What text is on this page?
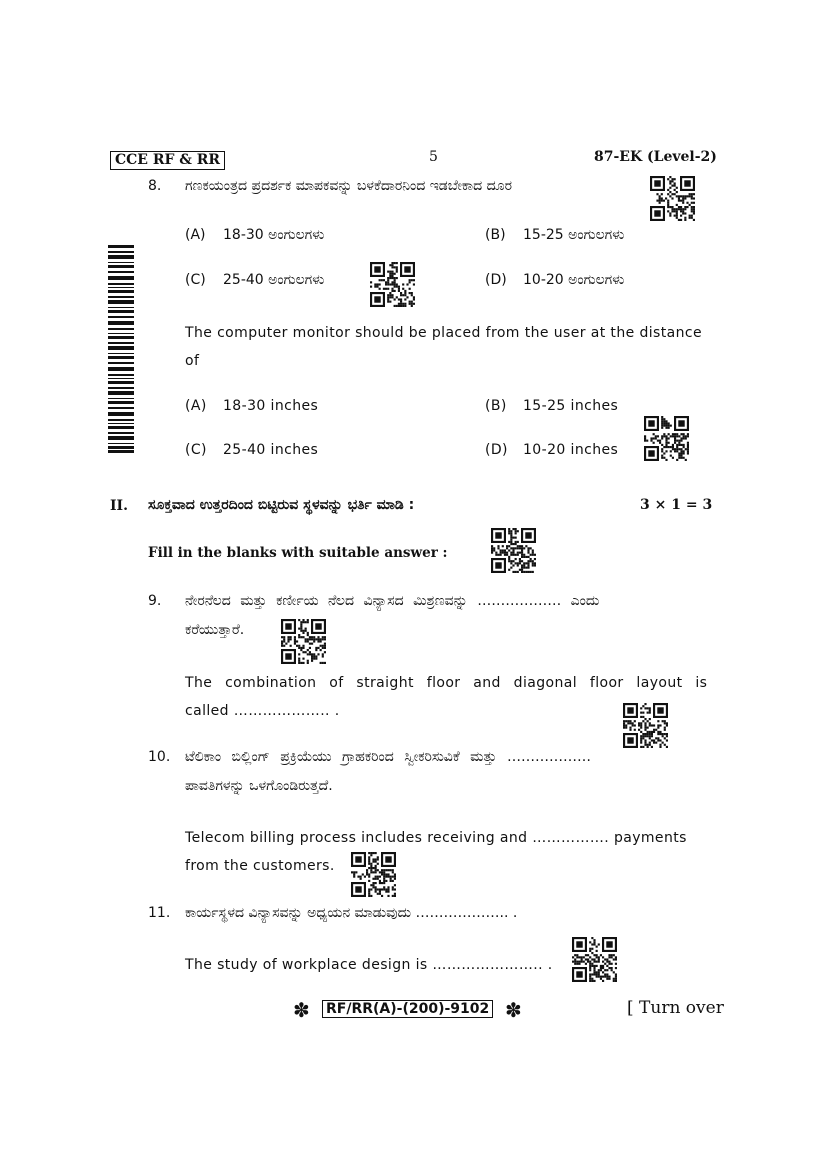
CCE RF & RR	5	87-EK (Level-2)
8. ಗಣಕಯಂತ್ರದ ಪ್ರದರ್ಶಕ ಮಾಪಕವನ್ನು ಬಳಕೆದಾರನಿಂದ ಇಡಬೇಕಾದ ದೂರ
(A) 18-30 ಅಂಗುಲಗಳು	(B) 15-25 ಅಂಗುಲಗಳು
(C) 25-40 ಅಂಗುಲಗಳು	(D) 10-20 ಅಂಗುಲಗಳು
The computer monitor should be placed from the user at the distance
of
(A) 18-30 inches	(B) 15-25 inches
(C) 25-40 inches	(D) 10-20 inches
II. ಸೂಕ್ತವಾದ ಉತ್ತರದಿಂದ ಬಿಟ್ಟಿರುವ ಸ್ಥಳವನ್ನು ಭರ್ತಿ ಮಾಡಿ :	3 × 1 = 3
Fill in the blanks with suitable answer :
9. ನೇರನೆಲದ ಮತ್ತು ಕರ್ಣೀಯ ನೆಲದ ವಿನ್ಯಾಸದ ಮಿಶ್ರಣವನ್ನು ……………… ಎಂದು
ಕರೆಯುತ್ತಾರೆ.
The combination of straight floor and diagonal floor layout is
called ……………….. .
10. ಟೆಲಿಕಾಂ ಬಿಲ್ಲಿಂಗ್ ಪ್ರಕ್ರಿಯೆಯು ಗ್ರಾಹಕರಿಂದ ಸ್ವೀಕರಿಸುವಿಕೆ ಮತ್ತು ………………
ಪಾವತಿಗಳನ್ನು ಒಳಗೊಂಡಿರುತ್ತದೆ.
Telecom billing process includes receiving and ……………. payments
from the customers.
11. ಕಾರ್ಯಸ್ಥಳದ ವಿನ್ಯಾಸವನ್ನು ಅಧ್ಯಯನ ಮಾಡುವುದು ……………….. .
The study of workplace design is ………………….. .
✽ RF/RR(A)-(200)-9102 ✽	[ Turn over
